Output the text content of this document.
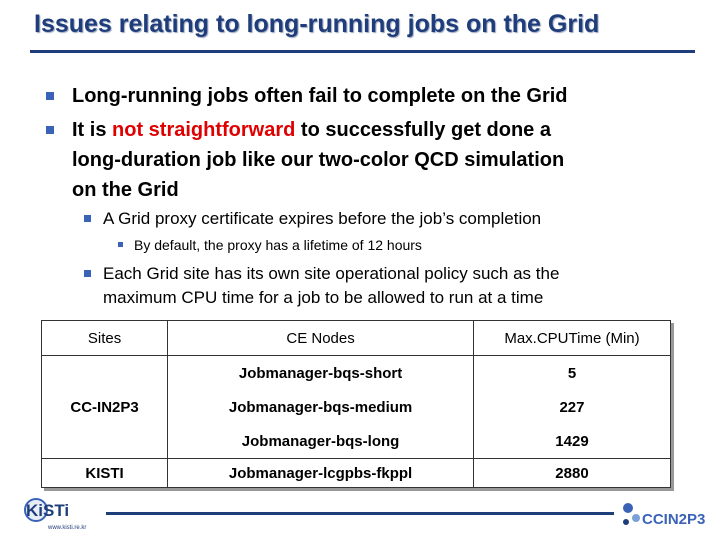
Issues relating to long-running jobs on the Grid
Long-running jobs often fail to complete on the Grid
It is not straightforward to successfully get done a
long-duration job like our two-color QCD simulation
on the Grid
A Grid proxy certificate expires before the job’s completion
By default, the proxy has a lifetime of 12 hours
Each Grid site has its own site operational policy such as the
maximum CPU time for a job to be allowed to run at a time
Sites	CE Nodes	Max.CPUTime (Min)
CC-IN2P3	Jobmanager-bqs-short	5
	Jobmanager-bqs-medium	227
	Jobmanager-bqs-long	1429
KISTI	Jobmanager-lcgpbs-fkppl	2880
KiSTi
www.kisti.re.kr	CCIN2P3
